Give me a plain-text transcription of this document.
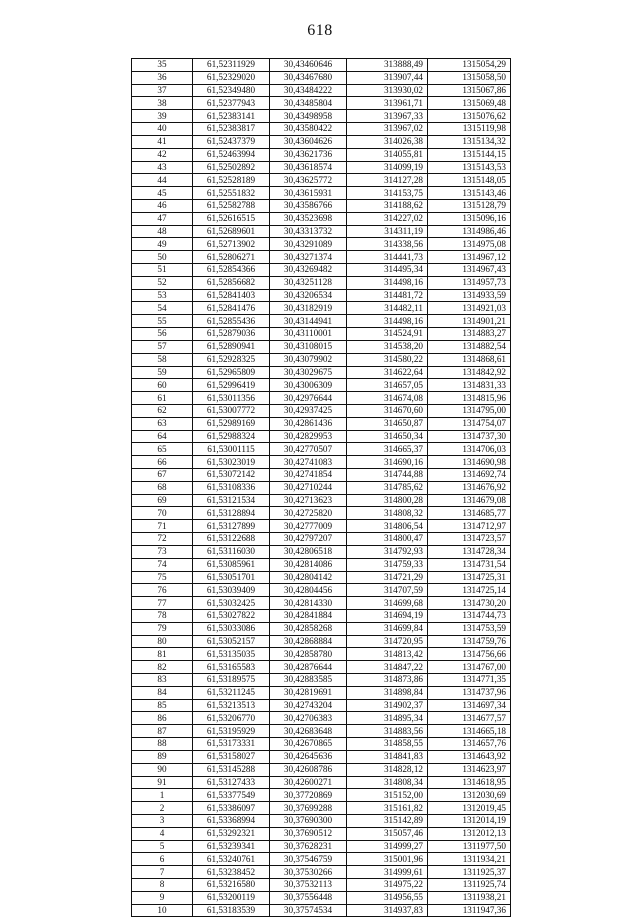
618
35	61,52311929	30,43460646	313888,49	1315054,29
36	61,52329020	30,43467680	313907,44	1315058,50
37	61,52349480	30,43484222	313930,02	1315067,86
38	61,52377943	30,43485804	313961,71	1315069,48
39	61,52383141	30,43498958	313967,33	1315076,62
40	61,52383817	30,43580422	313967,02	1315119,98
41	61,52437379	30,43604626	314026,38	1315134,32
42	61,52463994	30,43621736	314055,81	1315144,15
43	61,52502892	30,43618574	314099,19	1315143,53
44	61,52528189	30,43625772	314127,28	1315148,05
45	61,52551832	30,43615931	314153,75	1315143,46
46	61,52582788	30,43586766	314188,62	1315128,79
47	61,52616515	30,43523698	314227,02	1315096,16
48	61,52689601	30,43313732	314311,19	1314986,46
49	61,52713902	30,43291089	314338,56	1314975,08
50	61,52806271	30,43271374	314441,73	1314967,12
51	61,52854366	30,43269482	314495,34	1314967,43
52	61,52856682	30,43251128	314498,16	1314957,73
53	61,52841403	30,43206534	314481,72	1314933,59
54	61,52841476	30,43182919	314482,11	1314921,03
55	61,52855436	30,43144941	314498,16	1314901,21
56	61,52879036	30,43110001	314524,91	1314883,27
57	61,52890941	30,43108015	314538,20	1314882,54
58	61,52928325	30,43079902	314580,22	1314868,61
59	61,52965809	30,43029675	314622,64	1314842,92
60	61,52996419	30,43006309	314657,05	1314831,33
61	61,53011356	30,42976644	314674,08	1314815,96
62	61,53007772	30,42937425	314670,60	1314795,00
63	61,52989169	30,42861436	314650,87	1314754,07
64	61,52988324	30,42829953	314650,34	1314737,30
65	61,53001115	30,42770507	314665,37	1314706,03
66	61,53023019	30,42741083	314690,16	1314690,98
67	61,53072142	30,42741854	314744,88	1314692,74
68	61,53108336	30,42710244	314785,62	1314676,92
69	61,53121534	30,42713623	314800,28	1314679,08
70	61,53128894	30,42725820	314808,32	1314685,77
71	61,53127899	30,42777009	314806,54	1314712,97
72	61,53122688	30,42797207	314800,47	1314723,57
73	61,53116030	30,42806518	314792,93	1314728,34
74	61,53085961	30,42814086	314759,33	1314731,54
75	61,53051701	30,42804142	314721,29	1314725,31
76	61,53039409	30,42804456	314707,59	1314725,14
77	61,53032425	30,42814330	314699,68	1314730,20
78	61,53027822	30,42841884	314694,19	1314744,73
79	61,53033086	30,42858268	314699,84	1314753,59
80	61,53052157	30,42868884	314720,95	1314759,76
81	61,53135035	30,42858780	314813,42	1314756,66
82	61,53165583	30,42876644	314847,22	1314767,00
83	61,53189575	30,42883585	314873,86	1314771,35
84	61,53211245	30,42819691	314898,84	1314737,96
85	61,53213513	30,42743204	314902,37	1314697,34
86	61,53206770	30,42706383	314895,34	1314677,57
87	61,53195929	30,42683648	314883,56	1314665,18
88	61,53173331	30,42670865	314858,55	1314657,76
89	61,53158027	30,42645636	314841,83	1314643,92
90	61,53145288	30,42608786	314828,12	1314623,97
91	61,53127433	30,42600271	314808,34	1314618,95
1	61,53377549	30,37720869	315152,00	1312030,69
2	61,53386097	30,37699288	315161,82	1312019,45
3	61,53368994	30,37690300	315142,89	1312014,19
4	61,53292321	30,37690512	315057,46	1312012,13
5	61,53239341	30,37628231	314999,27	1311977,50
6	61,53240761	30,37546759	315001,96	1311934,21
7	61,53238452	30,37530266	314999,61	1311925,37
8	61,53216580	30,37532113	314975,22	1311925,74
9	61,53200119	30,37556448	314956,55	1311938,21
10	61,53183539	30,37574534	314937,83	1311947,36
